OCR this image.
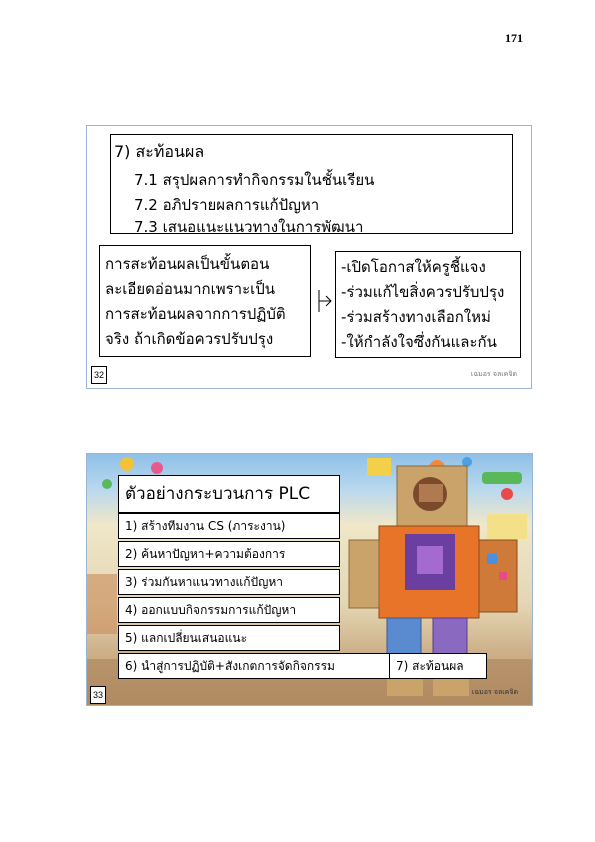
171
7) สะท้อนผล
7.1 สรุปผลการทำกิจกรรมในชั้นเรียน
7.2 อภิปรายผลการแก้ปัญหา
7.3 เสนอแนะแนวทางในการพัฒนา
การสะท้อนผลเป็นขั้นตอน
ละเอียดอ่อนมากเพราะเป็น
การสะท้อนผลจากการปฏิบัติ
จริง ถ้าเกิดข้อควรปรับปรุง
-เปิดโอกาสให้ครูชี้แจง
-ร่วมแก้ไขสิ่งควรปรับปรุง
-ร่วมสร้างทางเลือกใหม่
-ให้กำลังใจซึ่งกันและกัน
32	เฉมอร จลเคจิด
ตัวอย่างกระบวนการ PLC
1) สร้างทีมงาน CS (ภาระงาน)
2) ค้นหาปัญหา+ความต้องการ
3) ร่วมกันหาแนวทางแก้ปัญหา
4) ออกแบบกิจกรรมการแก้ปัญหา
5) แลกเปลี่ยนเสนอแนะ
6) นำสู่การปฏิบัติ+สังเกตการจัดกิจกรรม	7) สะท้อนผล
33	เฉมอร จลเคจิด
